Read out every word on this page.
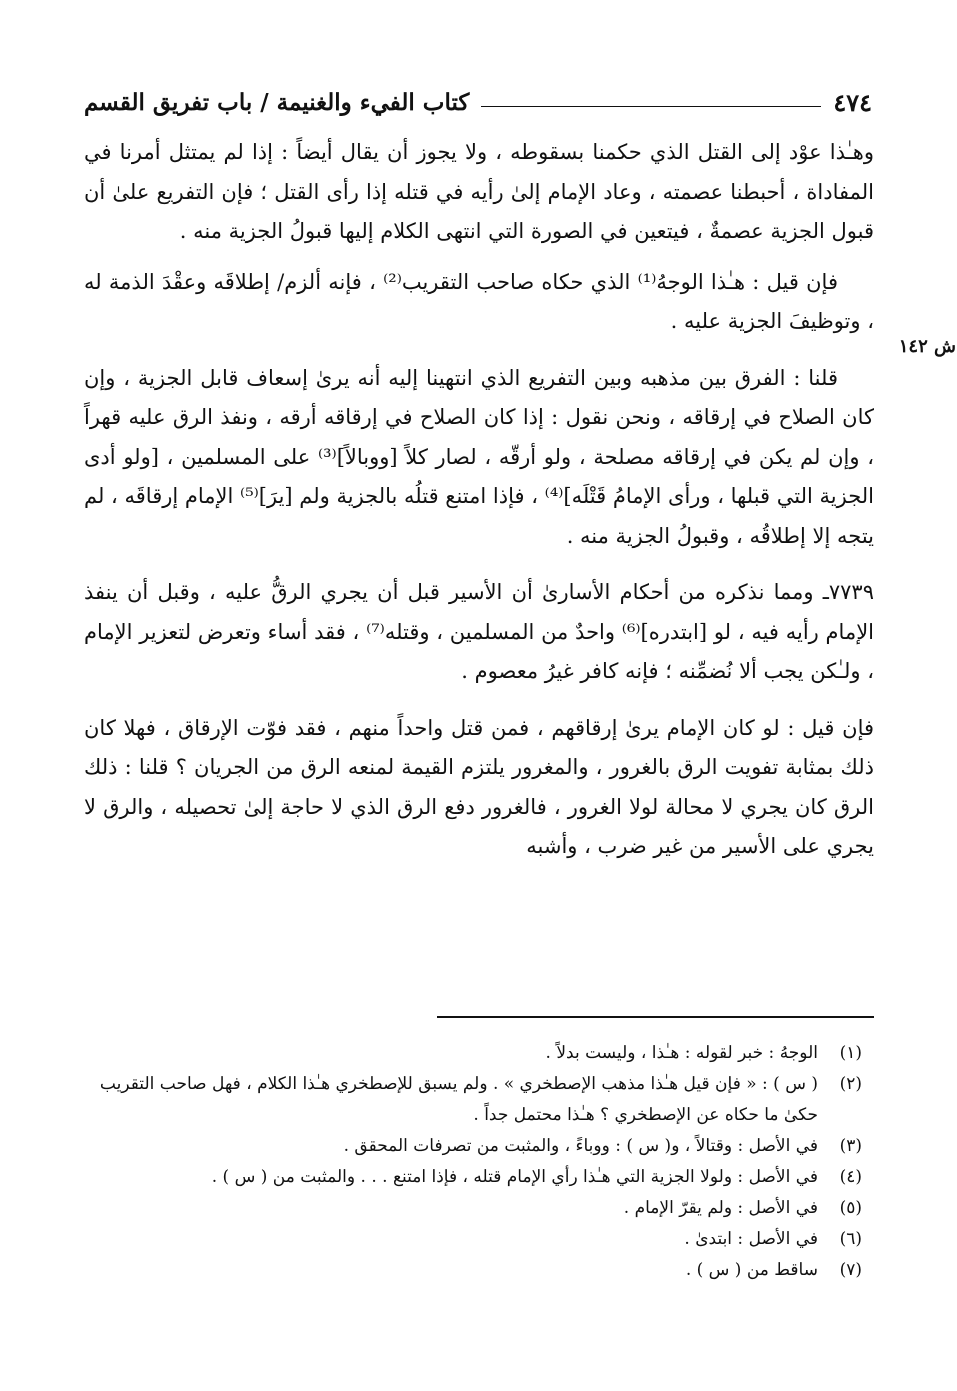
٤٧٤
كتاب الفيء والغنيمة / باب تفريق القسم
ش ١٤٢

وهـٰذا عوْد إلى القتل الذي حكمنا بسقوطه ، ولا يجوز أن يقال أيضاً : إذا لم يمتثل أمرنا في المفاداة ، أحبطنا عصمته ، وعاد الإمام إلىٰ رأيه في قتله إذا رأى القتل ؛ فإن التفريع علىٰ أن قبول الجزية عصمةٌ ، فيتعين في الصورة التي انتهى الكلام إليها قبولُ الجزية منه .

فإن قيل : هـٰذا الوجهُ⁽¹⁾ الذي حكاه صاحب التقريب⁽²⁾ ، فإنه ألزم/ إطلاقَه وعقْدَ الذمة له ، وتوظيفَ الجزية عليه .

قلنا : الفرق بين مذهبه وبين التفريع الذي انتهينا إليه أنه يرىٰ إسعاف قابل الجزية ، وإن كان الصلاح في إرقاقه ، ونحن نقول : إذا كان الصلاح في إرقاقه أرقه ، ونفذ الرق عليه قهراً ، وإن لم يكن في إرقاقه مصلحة ، ولو أرقّه ، لصار كلاً [ووبالاً]⁽³⁾ على المسلمين ، [ولو أدى الجزية التي قبلها ، ورأى الإمامُ قَتْلَه]⁽⁴⁾ ، فإذا امتنع قتلُه بالجزية ولم [يرَ]⁽⁵⁾ الإمام إرقاقَه ، لم يتجه إلا إطلاقُه ، وقبولُ الجزية منه .

٧٧٣٩ـ ومما نذكره من أحكام الأسارىٰ أن الأسير قبل أن يجري الرقُّ عليه ، وقبل أن ينفذ الإمام رأيه فيه ، لو [ابتدره]⁽⁶⁾ واحدٌ من المسلمين ، وقتله⁽⁷⁾ ، فقد أساء وتعرض لتعزير الإمام ، ولـٰكن يجب ألا نُضمِّنه ؛ فإنه كافر غيرُ معصوم .

فإن قيل : لو كان الإمام يرىٰ إرقاقهم ، فمن قتل واحداً منهم ، فقد فوّت الإرقاق ، فهلا كان ذلك بمثابة تفويت الرق بالغرور ، والمغرور يلتزم القيمة لمنعه الرق من الجريان ؟ قلنا : ذلك الرق كان يجري لا محالة لولا الغرور ، فالغرور دفع الرق الذي لا حاجة إلىٰ تحصيله ، والرق لا يجري على الأسير من غير ضرب ، وأشبه

(١)
الوجهُ : خبر لقوله : هـٰذا ، وليست بدلاً .
(٢)
( س ) : « فإن قيل هـٰذا مذهب الإصطخري » . ولم يسبق للإصطخري هـٰذا الكلام ، فهل صاحب التقريب حكىٰ ما حكاه عن الإصطخري ؟ هـٰذا محتمل جداً .
(٣)
في الأصل : وقتالاً ، و( س ) : ووباءً ، والمثبت من تصرفات المحقق .
(٤)
في الأصل : ولولا الجزية التي هـٰذا رأي الإمام قتله ، فإذا امتنع . . . والمثبت من ( س ) .
(٥)
في الأصل : ولم يقرّ الإمام .
(٦)
في الأصل : ابتدىٰ .
(٧)
ساقط من ( س ) .
